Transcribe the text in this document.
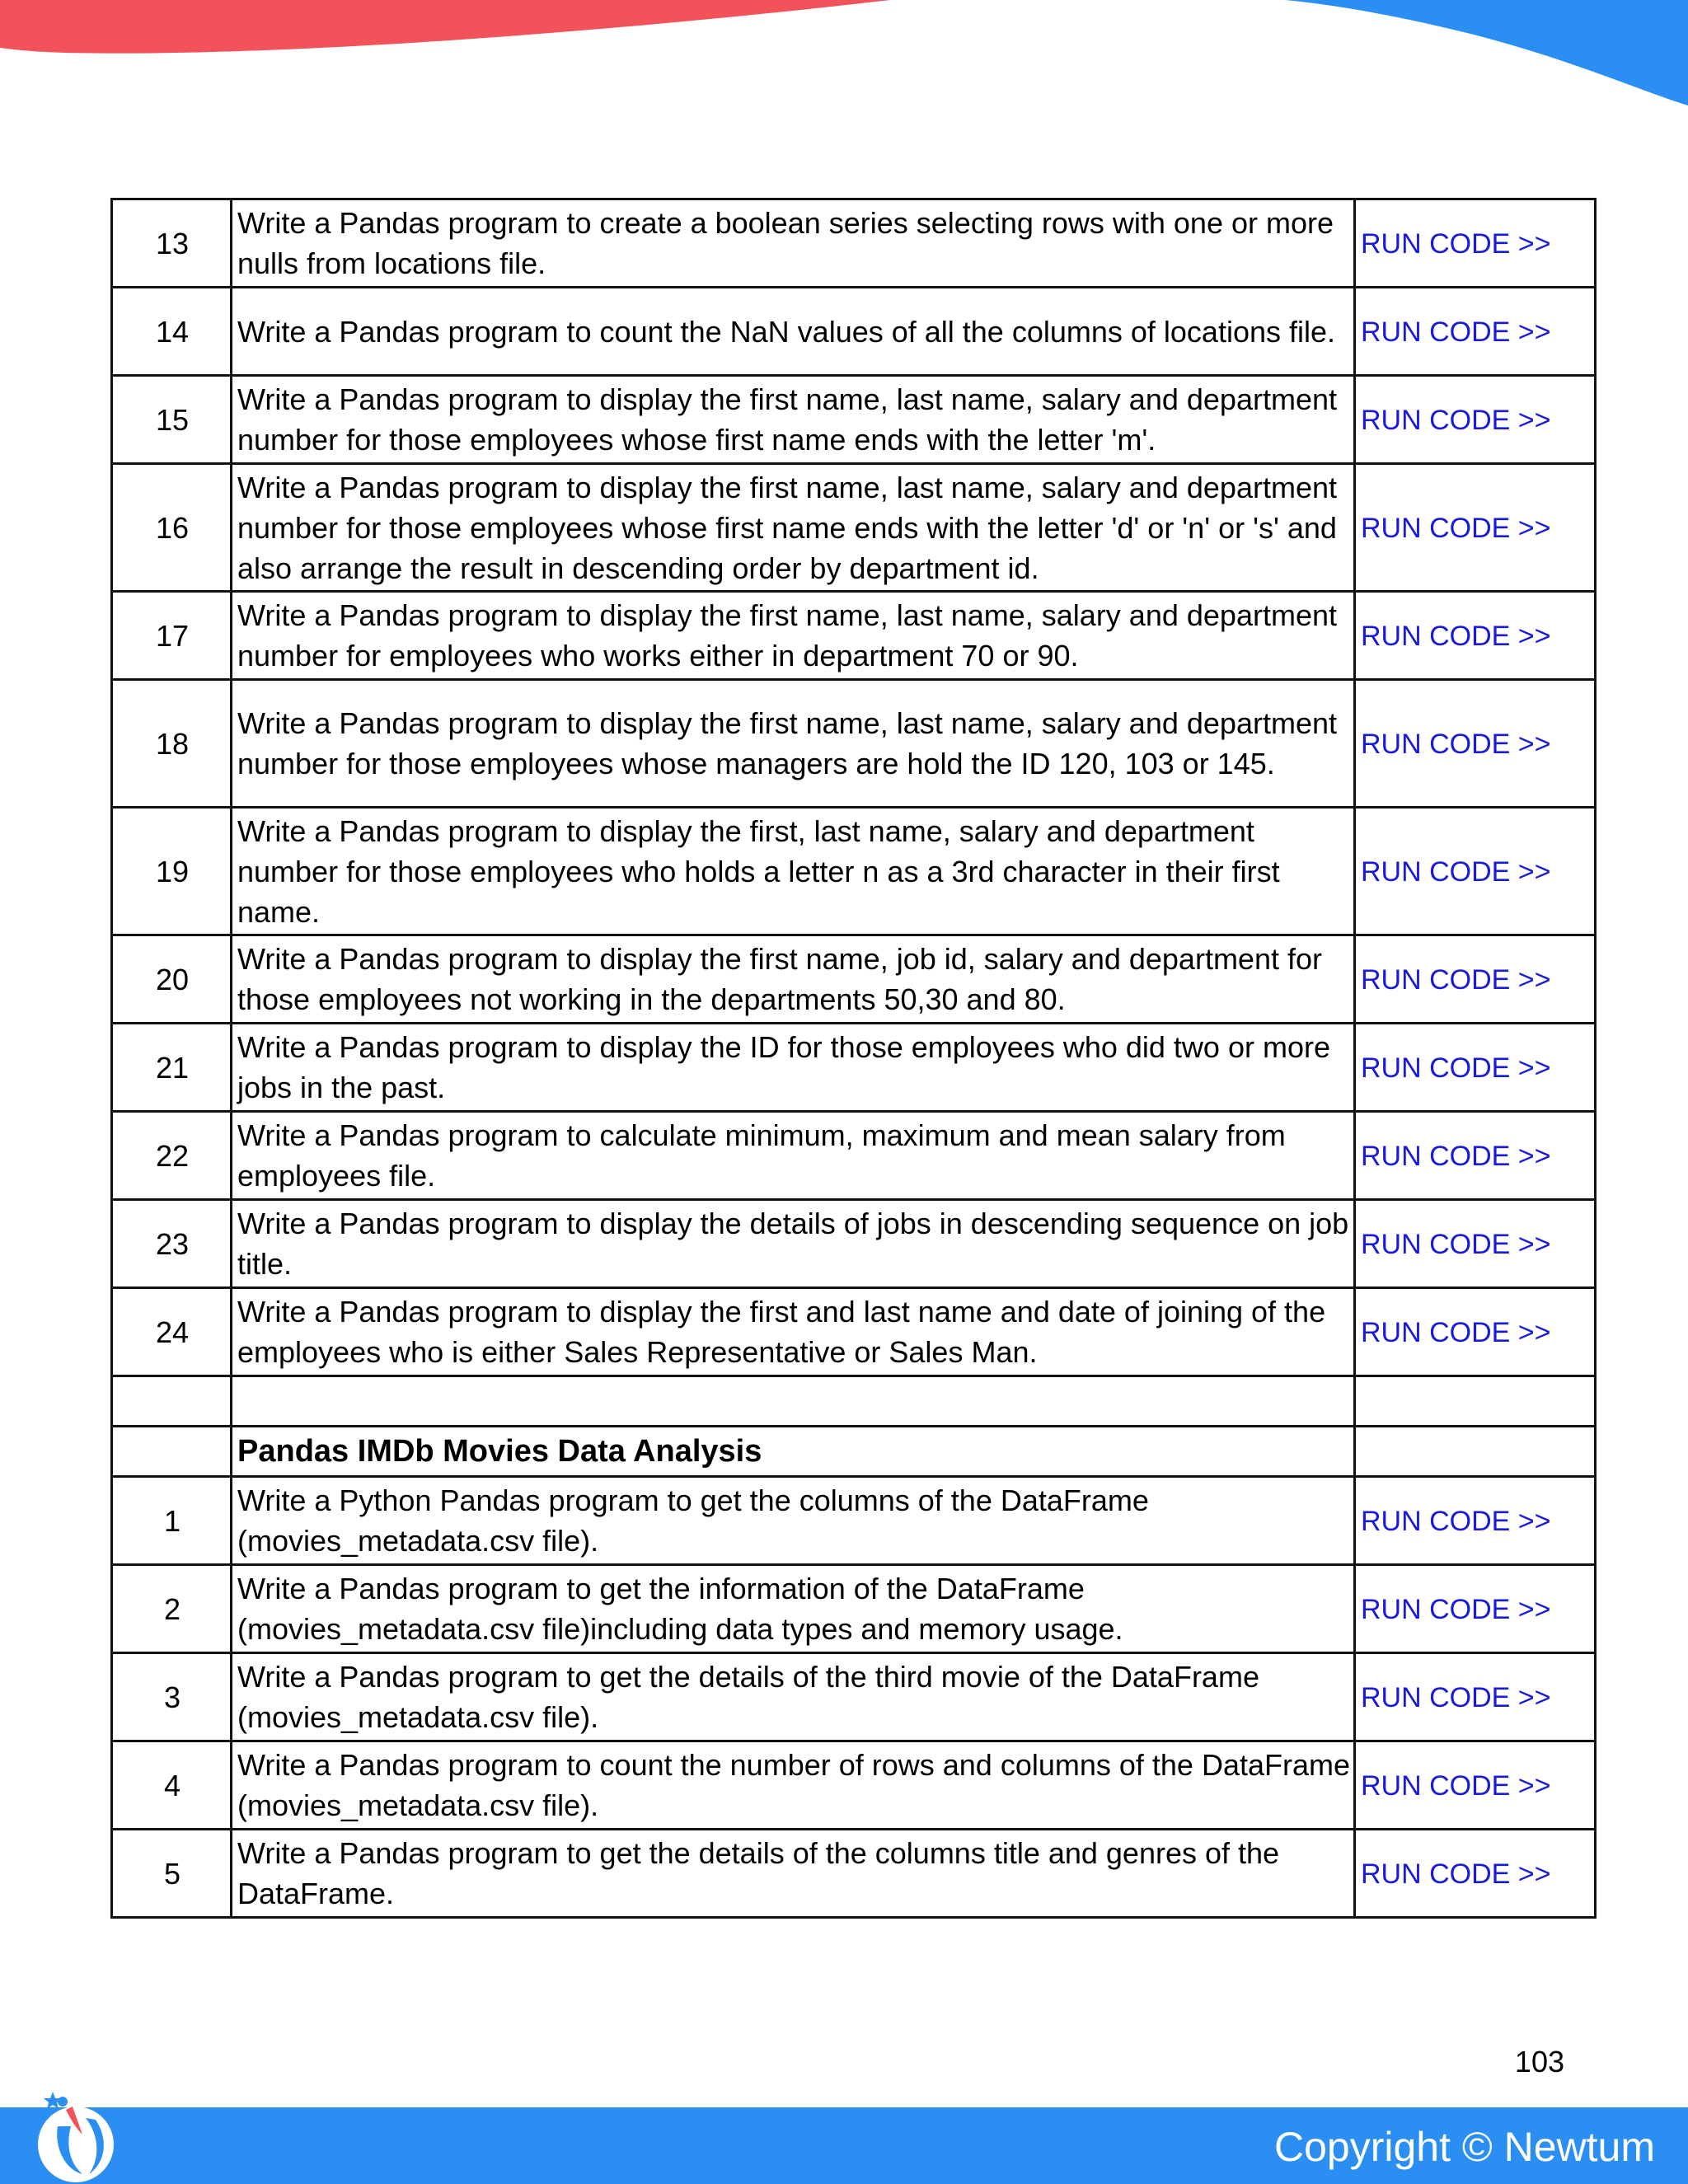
13	Write a Pandas program to create a boolean series selecting rows with one or more nulls from locations file.	RUN CODE >>
14	Write a Pandas program to count the NaN values of all the columns of locations file.	RUN CODE >>
15	Write a Pandas program to display the first name, last name, salary and department number for those employees whose first name ends with the letter 'm'.	RUN CODE >>
16	Write a Pandas program to display the first name, last name, salary and department number for those employees whose first name ends with the letter 'd' or 'n' or 's' and also arrange the result in descending order by department id.	RUN CODE >>
17	Write a Pandas program to display the first name, last name, salary and department number for employees who works either in department 70 or 90.	RUN CODE >>
18	Write a Pandas program to display the first name, last name, salary and department number for those employees whose managers are hold the ID 120, 103 or 145.	RUN CODE >>
19	Write a Pandas program to display the first, last name, salary and department number for those employees who holds a letter n as a 3rd character in their first name.	RUN CODE >>
20	Write a Pandas program to display the first name, job id, salary and department for those employees not working in the departments 50,30 and 80.	RUN CODE >>
21	Write a Pandas program to display the ID for those employees who did two or more jobs in the past.	RUN CODE >>
22	Write a Pandas program to calculate minimum, maximum and mean salary from employees file.	RUN CODE >>
23	Write a Pandas program to display the details of jobs in descending sequence on job title.	RUN CODE >>
24	Write a Pandas program to display the first and last name and date of joining of the employees who is either Sales Representative or Sales Man.	RUN CODE >>

	Pandas IMDb Movies Data Analysis	
1	Write a Python Pandas program to get the columns of the DataFrame (movies_metadata.csv file).	RUN CODE >>
2	Write a Pandas program to get the information of the DataFrame (movies_metadata.csv file)including data types and memory usage.	RUN CODE >>
3	Write a Pandas program to get the details of the third movie of the DataFrame (movies_metadata.csv file).	RUN CODE >>
4	Write a Pandas program to count the number of rows and columns of the DataFrame (movies_metadata.csv file).	RUN CODE >>
5	Write a Pandas program to get the details of the columns title and genres of the DataFrame.	RUN CODE >>
103
Copyright © Newtum
